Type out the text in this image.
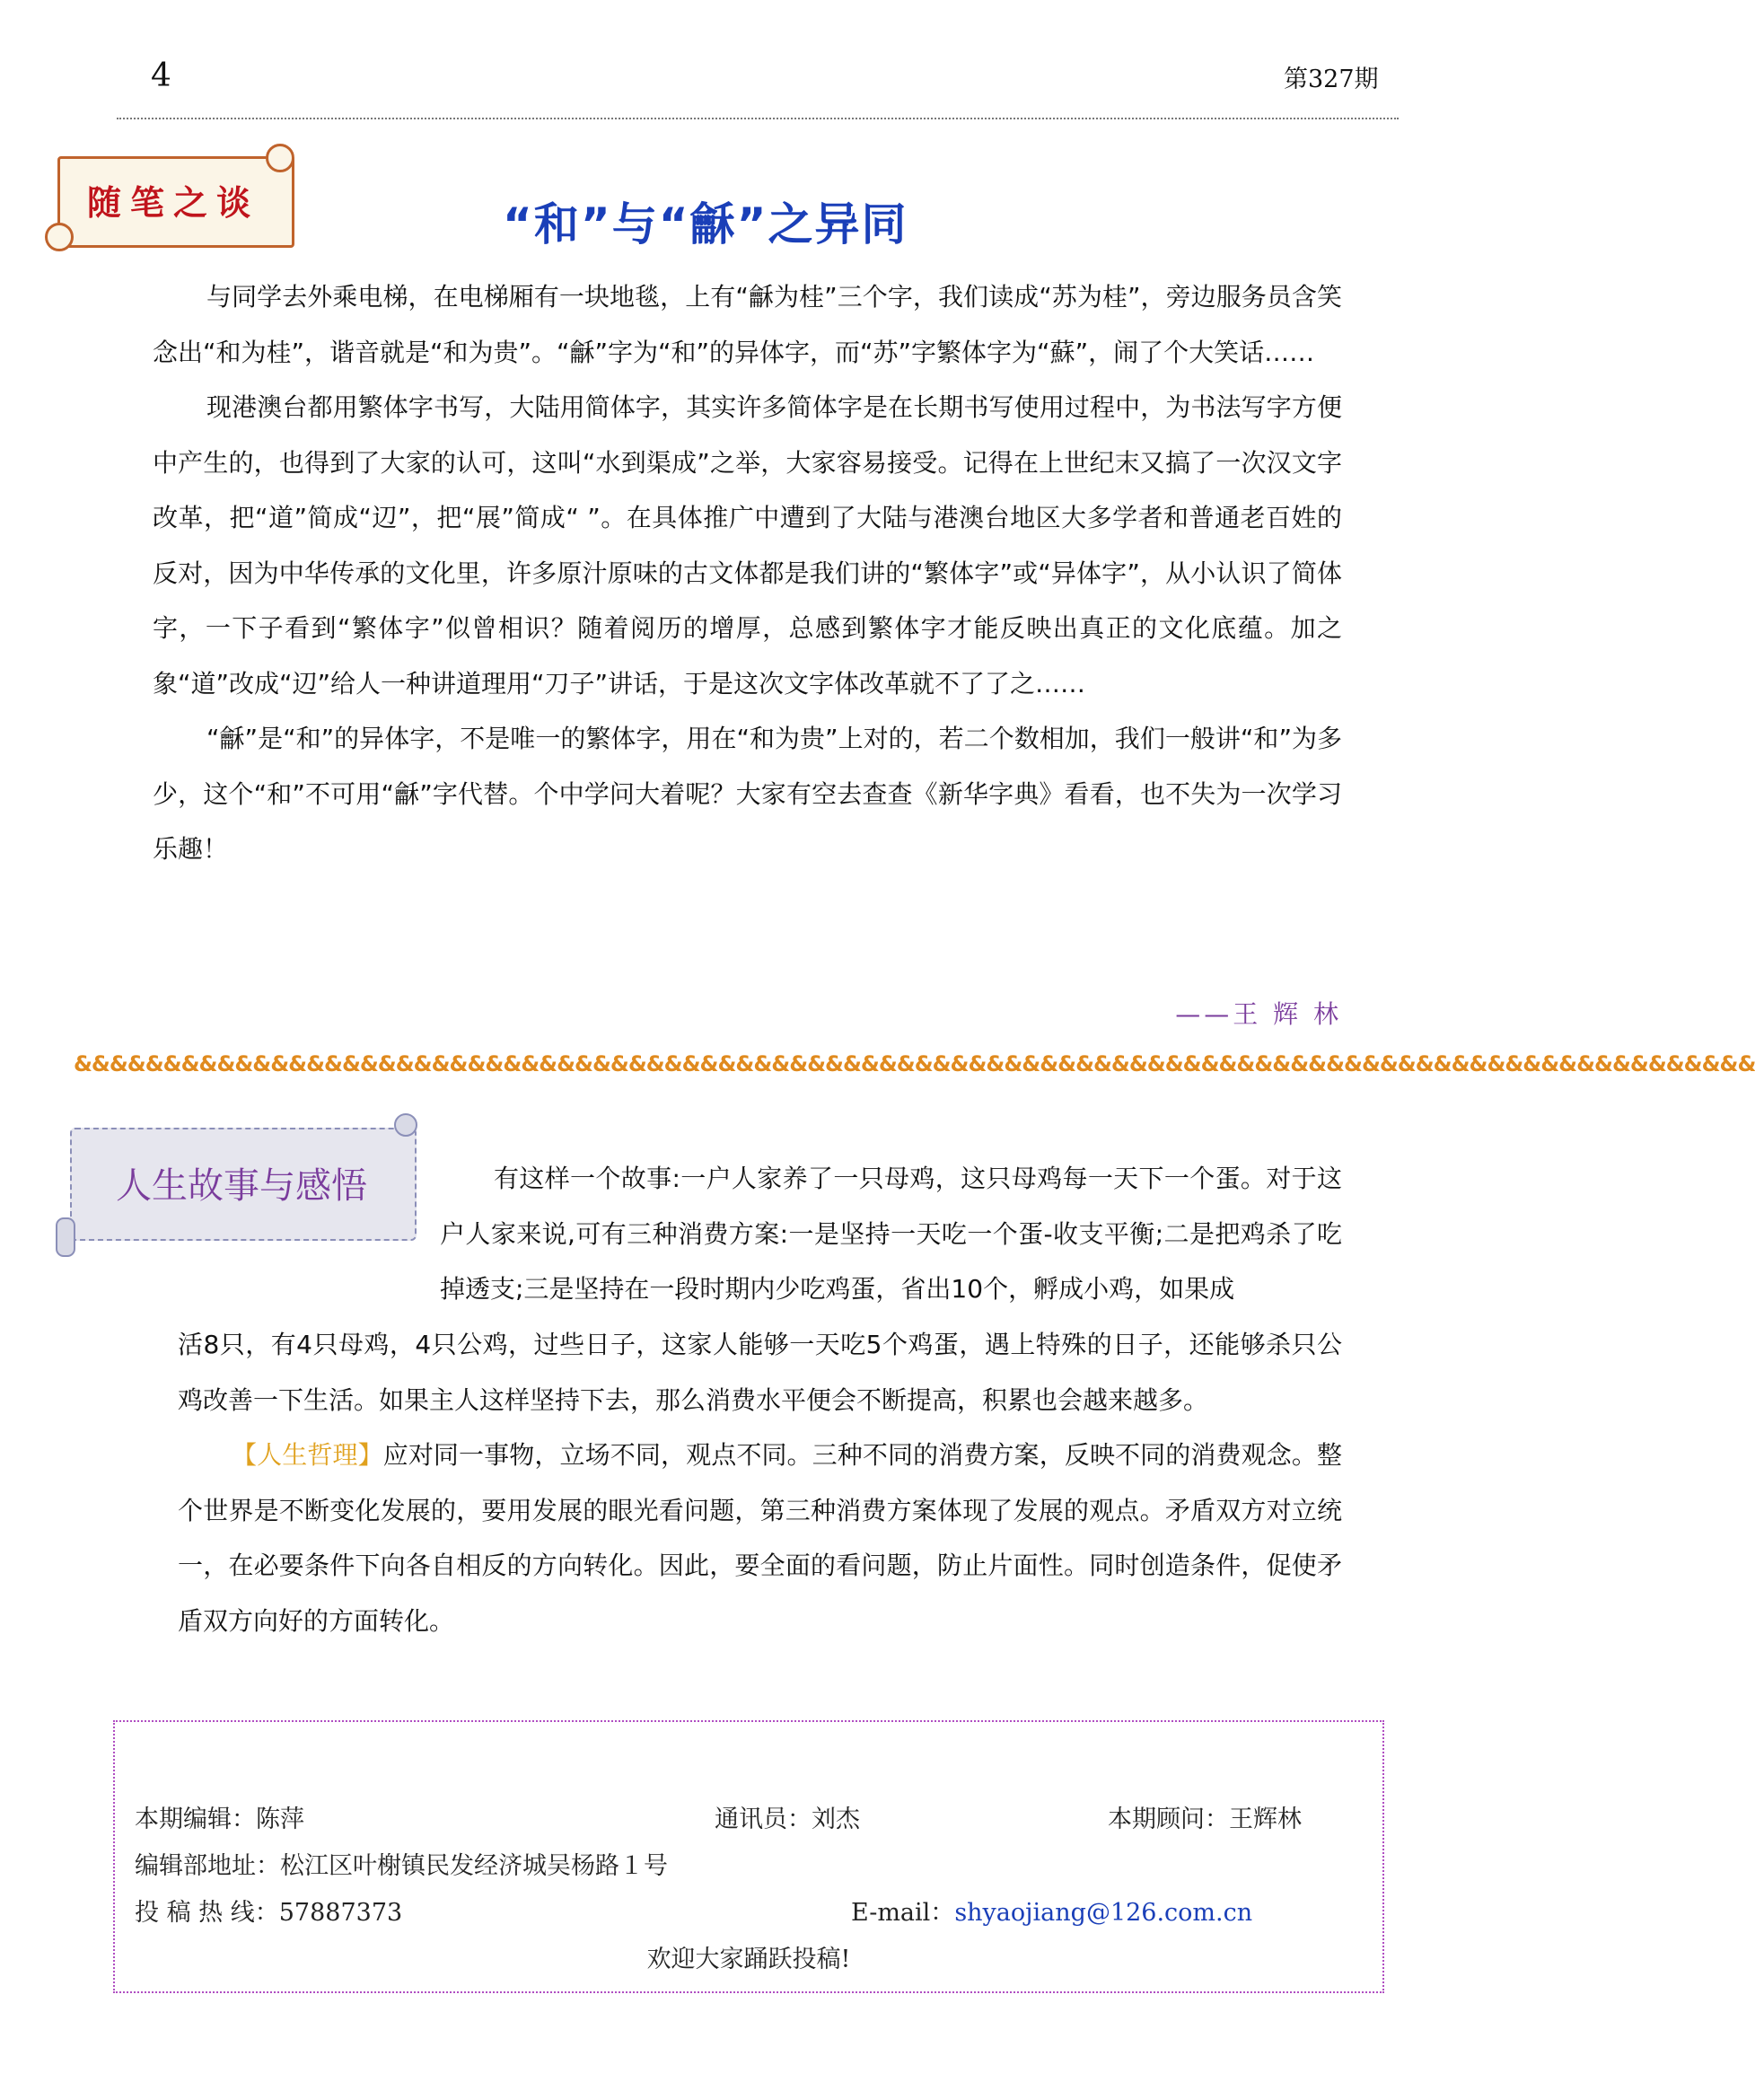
4	第327期
随笔之谈	“和”与“龢”之异同
与同学去外乘电梯，在电梯厢有一块地毯，上有“龢为桂”三个字，我们读成“苏为桂”，旁边服务员含笑念出“和为桂”，谐音就是“和为贵”。“龢”字为“和”的异体字，而“苏”字繁体字为“蘇”，闹了个大笑话……
现港澳台都用繁体字书写，大陆用简体字，其实许多简体字是在长期书写使用过程中，为书法写字方便中产生的，也得到了大家的认可，这叫“水到渠成”之举，大家容易接受。记得在上世纪末又搞了一次汉文字改革，把“道”简成“辺”，把“展”简成“ ”。在具体推广中遭到了大陆与港澳台地区大多学者和普通老百姓的反对，因为中华传承的文化里，许多原汁原味的古文体都是我们讲的“繁体字”或“异体字”，从小认识了简体字，一下子看到“繁体字”似曾相识？随着阅历的增厚，总感到繁体字才能反映出真正的文化底蕴。加之象“道”改成“辺”给人一种讲道理用“刀子”讲话，于是这次文字体改革就不了了之……
“龢”是“和”的异体字，不是唯一的繁体字，用在“和为贵”上对的，若二个数相加，我们一般讲“和”为多少，这个“和”不可用“龢”字代替。个中学问大着呢？大家有空去查查《新华字典》看看，也不失为一次学习乐趣！
——王 辉 林
&&&&&&&&&&&&&&&&&&&&&&&&&&&&&&&&&&&&&&&&&&&&&&&&&&&&&&&&&&&&&&&&&&&&&&&&&&&&&&&&&&&&&&&&&&&&&&
人生故事与感悟	有这样一个故事:一户人家养了一只母鸡，这只母鸡每一天下一个蛋。对于这户人家来说,可有三种消费方案:一是坚持一天吃一个蛋-收支平衡;二是把鸡杀了吃掉透支;三是坚持在一段时期内少吃鸡蛋，省出10个，孵成小鸡，如果成
活8只，有4只母鸡，4只公鸡，过些日子，这家人能够一天吃5个鸡蛋，遇上特殊的日子，还能够杀只公鸡改善一下生活。如果主人这样坚持下去，那么消费水平便会不断提高，积累也会越来越多。
【人生哲理】应对同一事物，立场不同，观点不同。三种不同的消费方案，反映不同的消费观念。整个世界是不断变化发展的，要用发展的眼光看问题，第三种消费方案体现了发展的观点。矛盾双方对立统一，在必要条件下向各自相反的方向转化。因此，要全面的看问题，防止片面性。同时创造条件，促使矛盾双方向好的方面转化。
本期编辑：陈萍	通讯员：刘杰	本期顾问：王辉林
编辑部地址：松江区叶榭镇民发经济城吴杨路１号
投 稿 热 线：57887373	E-mail：shyaojiang@126.com.cn
欢迎大家踊跃投稿!
